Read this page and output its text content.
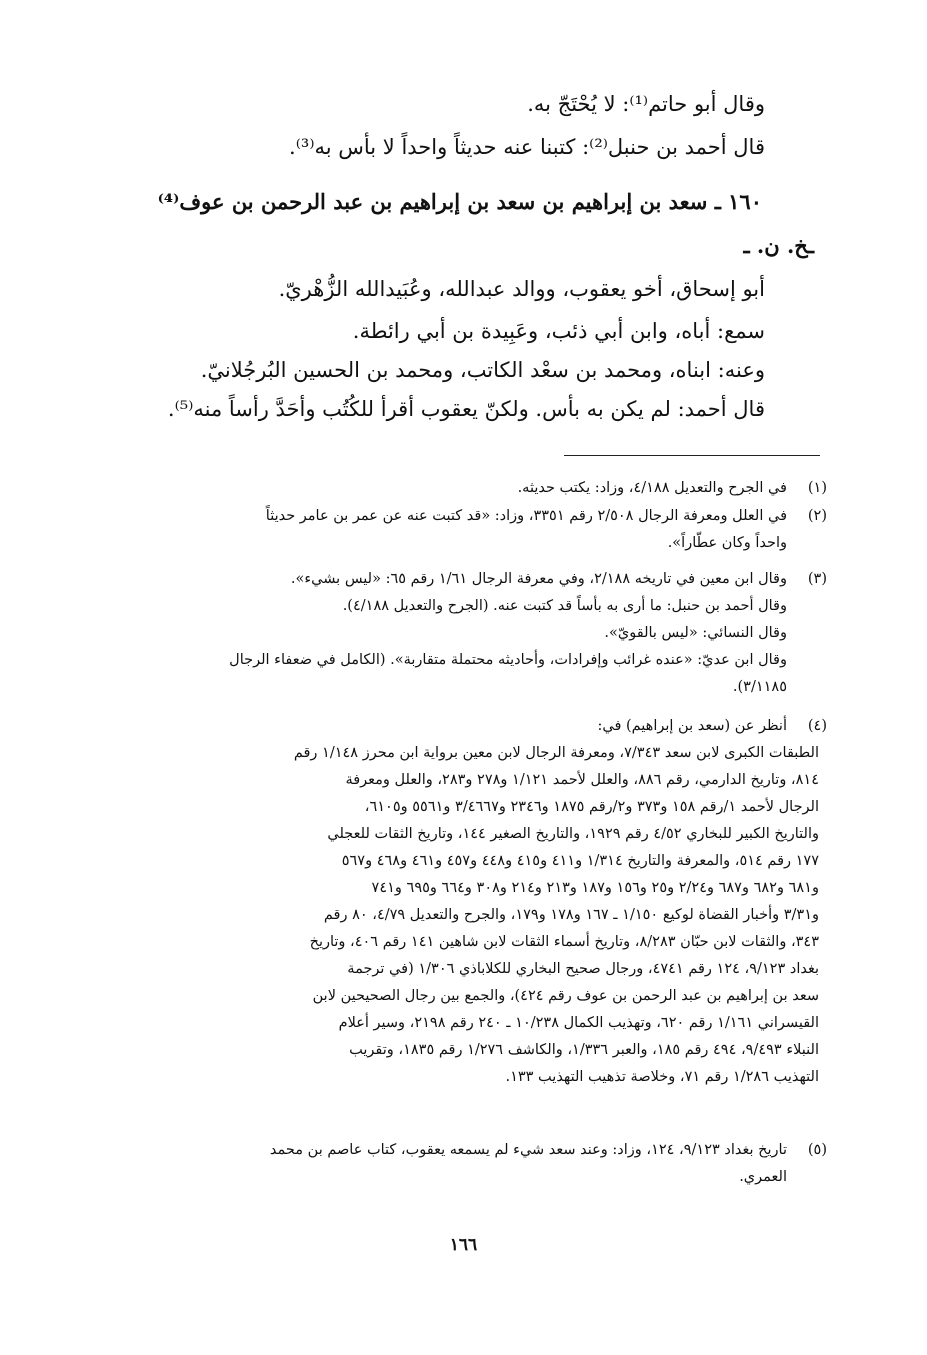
وقال أبو حاتم⁽¹⁾: لا يُحْتَجّ به.
قال أحمد بن حنبل⁽²⁾: كتبنا عنه حديثاً واحداً لا بأس به⁽³⁾.
١٦٠ ـ سعد بن إبراهيم بن سعد بن إبراهيم بن عبد الرحمن بن عوف⁽⁴⁾
ـخ. ن. ـ
أبو إسحاق، أخو يعقوب، ووالد عبدالله، وعُبَيدالله الزُّهْريّ.
سمع: أباه، وابن أبي ذئب، وعَبِيدة بن أبي رائطة.
وعنه: ابناه، ومحمد بن سعْد الكاتب، ومحمد بن الحسين البُرجُلانيّ.
قال أحمد: لم يكن به بأس. ولكنّ يعقوب أقرأ للكُتُب وأحَدَّ رأساً منه⁽⁵⁾.
(١)
في الجرح والتعديل ٤/١٨٨، وزاد: يكتب حديثه.
(٢)
في العلل ومعرفة الرجال ٢/٥٠٨ رقم ٣٣٥١، وزاد: «قد كتبت عنه عن عمر بن عامر حديثاً
واحداً وكان عطّاراً».
(٣)
وقال ابن معين في تاريخه ٢/١٨٨، وفي معرفة الرجال ١/٦١ رقم ٦٥: «ليس بشيء».
وقال أحمد بن حنبل: ما أرى به بأساً قد كتبت عنه. (الجرح والتعديل ٤/١٨٨).
وقال النسائي: «ليس بالقويّ».
وقال ابن عديّ: «عنده غرائب وإفرادات، وأحاديثه محتملة متقاربة». (الكامل في ضعفاء الرجال
٣/١١٨٥).
(٤)
أنظر عن (سعد بن إبراهيم) في:
الطبقات الكبرى لابن سعد ٧/٣٤٣، ومعرفة الرجال لابن معين برواية ابن محرز ١/١٤٨ رقم
٨١٤، وتاريخ الدارمي، رقم ٨٨٦، والعلل لأحمد ١/١٢١ و٢٧٨ و٢٨٣، والعلل ومعرفة
الرجال لأحمد ١/رقم ١٥٨ و٣٧٣ و٢/رقم ١٨٧٥ و٢٣٤٦ و٣/٤٦٦٧ و٥٥٦١ و٦١٠٥،
والتاريخ الكبير للبخاري ٤/٥٢ رقم ١٩٢٩، والتاريخ الصغير ١٤٤، وتاريخ الثقات للعجلي
١٧٧ رقم ٥١٤، والمعرفة والتاريخ ١/٣١٤ و٤١١ و٤١٥ و٤٤٨ و٤٥٧ و٤٦١ و٤٦٨ و٥٦٧
و٦٨١ و٦٨٢ و٦٨٧ و٢/٢٤ و٢٥ و١٥٦ و١٨٧ و٢١٣ و٢١٤ و٣٠٨ و٦٦٤ و٦٩٥ و٧٤١
و٣/٣١ وأخبار القضاة لوكيع ١/١٥٠ ـ ١٦٧ و١٧٨ و١٧٩، والجرح والتعديل ٤/٧٩، ٨٠ رقم
٣٤٣، والثقات لابن حبّان ٨/٢٨٣، وتاريخ أسماء الثقات لابن شاهين ١٤١ رقم ٤٠٦، وتاريخ
بغداد ٩/١٢٣، ١٢٤ رقم ٤٧٤١، ورجال صحيح البخاري للكلاباذي ١/٣٠٦ (في ترجمة
سعد بن إبراهيم بن عبد الرحمن بن عوف رقم ٤٢٤)، والجمع بين رجال الصحيحين لابن
القيسراني ١/١٦١ رقم ٦٢٠، وتهذيب الكمال ١٠/٢٣٨ ـ ٢٤٠ رقم ٢١٩٨، وسير أعلام
النبلاء ٩/٤٩٣، ٤٩٤ رقم ١٨٥، والعبر ١/٣٣٦، والكاشف ١/٢٧٦ رقم ١٨٣٥، وتقريب
التهذيب ١/٢٨٦ رقم ٧١، وخلاصة تذهيب التهذيب ١٣٣.
(٥)
تاريخ بغداد ٩/١٢٣، ١٢٤، وزاد: وعند سعد شيء لم يسمعه يعقوب، كتاب عاصم بن محمد
العمري.
١٦٦
